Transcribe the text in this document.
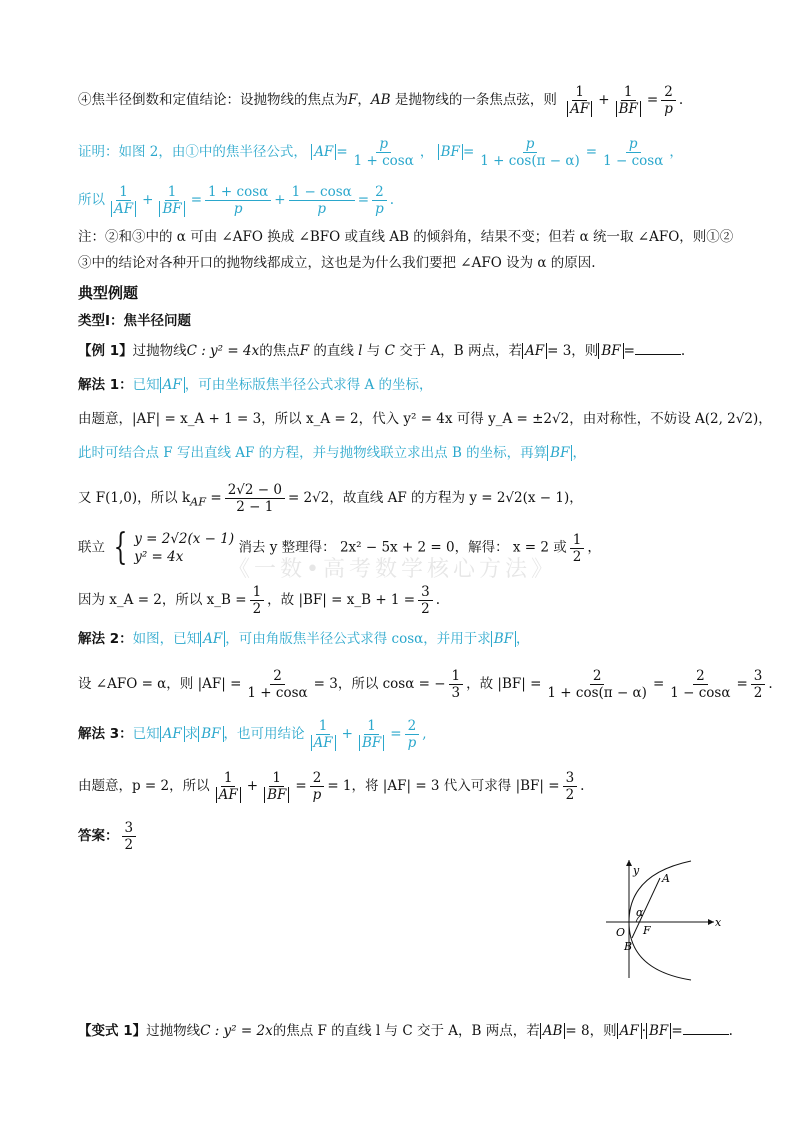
④焦半径倒数和定值结论：设抛物线的焦点为F，AB 是抛物线的一条焦点弦，则 $\frac{1}{AF} + \frac{1}{BF} = \frac{2}{p}$ .
证明：如图 2，由①中的焦半径公式， AF = $\frac{p}{1 + \cos\alpha}$ ， BF = $\frac{p}{1 + \cos(\pi - \alpha)} = \frac{p}{1 - \cos\alpha}$ ，
所以 $\frac{1}{AF} + \frac{1}{BF} = \frac{1 + \cos\alpha}{p} + \frac{1 - \cos\alpha}{p} = \frac{2}{p}$ .
注：②和③中的 α 可由 ∠AFO 换成 ∠BFO 或直线 AB 的倾斜角，结果不变；但若 α 统一取 ∠AFO，则①②
③中的结论对各种开口的抛物线都成立，这也是为什么我们要把 ∠AFO 设为 α 的原因.
典型例题
类型Ⅰ：焦半径问题
【例 1】过抛物线C : y² = 4x的焦点F 的直线 l 与 C 交于 A，B 两点，若 AF = 3，则 BF =	.
解法 1：已知 AF ，可由坐标版焦半径公式求得 A 的坐标，
由题意，|AF| = x_A + 1 = 3，所以 x_A = 2，代入 y² = 4x 可得 y_A = ±2√2，由对称性，不妨设 A(2, 2√2)，
此时可结合点 F 写出直线 AF 的方程，并与抛物线联立求出点 B 的坐标，再算 BF ，
又 F(1,0)，所以 $k_{AF} = \frac{2√2 - 0}{2 - 1} = 2√2$，故直线 AF 的方程为 y = 2√2(x − 1)，
联立 { y = 2√2(x − 1)
y² = 4x
消去 y 整理得： 2x² − 5x + 2 = 0，解得： x = 2 或 $\frac{1}{2}$ ，
因为 x_A = 2，所以 x_B = $\frac{1}{2}$ ，故 |BF| = x_B + $1 = \frac{3}{2}$ .
解法 2：如图，已知 AF ，可由角版焦半径公式求得 cosα，并用于求 BF ，
设 ∠AFO = α，则 $|AF| = \frac{2}{1 + \cos\alpha} = 3$，所以 cosα = − $\frac{1}{3}$ ，故 $|BF| = \frac{2}{1 + \cos(\pi - \alpha)} = \frac{2}{1 - \cos\alpha} = \frac{3}{2}$ .
解法 3：已知 AF 求 BF ，也可用结论 $\frac{1}{AF} + \frac{1}{BF} = \frac{2}{p}$ ,
由题意，p = 2，所以 $\frac{1}{AF} + \frac{1}{BF} = \frac{2}{p} = 1$，将 |AF| = 3 代入可求得 $|BF| = \frac{3}{2}$ .
答案： $\frac{3}{2}$
《一数•高考数学核心方法》
y
x
A
α
O F
B
【变式 1】过抛物线C : y² = 2x的焦点 F 的直线 l 与 C 交于 A，B 两点，若 AB = 8，则 AF · BF =	.
